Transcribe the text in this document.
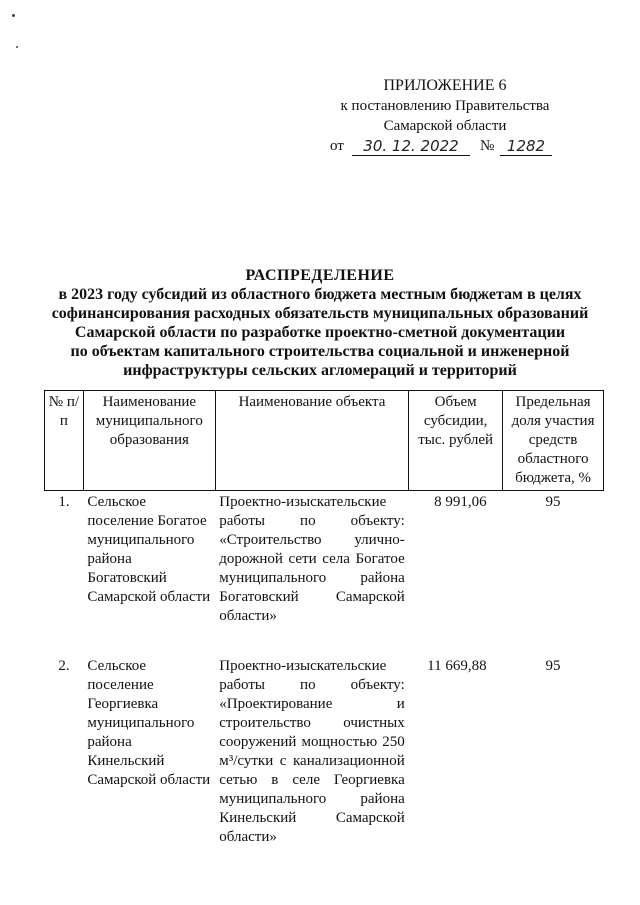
ПРИЛОЖЕНИЕ 6
к постановлению Правительства
Самарской области
от	30. 12. 2022	№ 1282
РАСПРЕДЕЛЕНИЕ
в 2023 году субсидий из областного бюджета местным бюджетам в целях
софинансирования расходных обязательств муниципальных образований
Самарской области по разработке проектно-сметной документации
по объектам капитального строительства социальной и инженерной
инфраструктуры сельских агломераций и территорий
№ п/п	Наименование муниципального образования	Наименование объекта	Объем субсидии, тыс. рублей	Предельная доля участия средств областного бюджета, %
1.	Сельское поселение Богатое муниципального района Богатовский Самарской области	Проектно-изыскательские работы по объекту: «Строительство улично-дорожной сети села Богатое муниципального района Богатовский Самарской области»	8 991,06	95
2.	Сельское поселение Георгиевка муниципального района Кинельский Самарской области	Проектно-изыскательские работы по объекту: «Проектирование и строительство очистных сооружений мощностью 250 м³/сутки с канализационной сетью в селе Георгиевка муниципального района Кинельский Самарской области»	11 669,88	95
